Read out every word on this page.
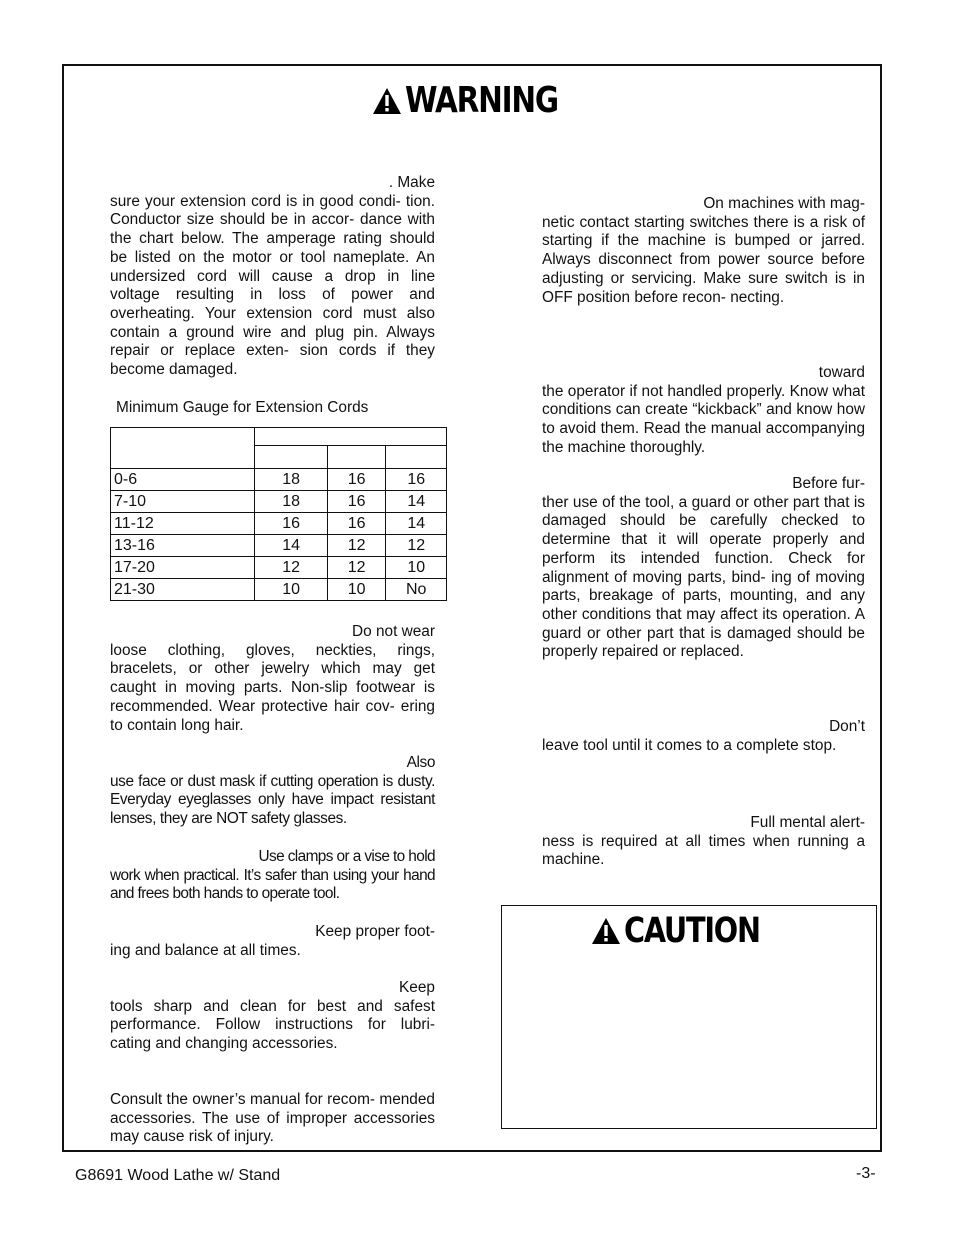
WARNING

. Make
sure your extension cord is in good condi- tion. Conductor size should be in accor- dance with the chart below. The amperage rating should be listed on the motor or tool nameplate. An undersized cord will cause a drop in line voltage resulting in loss of power and overheating. Your extension cord must also contain a ground wire and plug pin. Always repair or replace exten- sion cords if they become damaged.

Minimum Gauge for Extension Cords

0-6	18	16	16
7-10	18	16	14
11-12	16	16	14
13-16	14	12	12
17-20	12	12	10
21-30	10	10	No

Do not wear
loose clothing, gloves, neckties, rings, bracelets, or other jewelry which may get caught in moving parts. Non-slip footwear is recommended. Wear protective hair cov- ering to contain long hair.

Also
use face or dust mask if cutting operation is dusty. Everyday eyeglasses only have impact resistant lenses, they are NOT safety glasses.

Use clamps or a vise to hold
work when practical. It’s safer than using your hand and frees both hands to operate tool.

Keep proper foot-
ing and balance at all times.

Keep
tools sharp and clean for best and safest performance. Follow instructions for lubri- cating and changing accessories.

Consult the owner’s manual for recom- mended accessories. The use of improper accessories may cause risk of injury.

On machines with mag-
netic contact starting switches there is a risk of starting if the machine is bumped or jarred. Always disconnect from power source before adjusting or servicing. Make sure switch is in OFF position before recon- necting.

toward
the operator if not handled properly. Know what conditions can create “kickback” and know how to avoid them. Read the manual accompanying the machine thoroughly.

Before fur-
ther use of the tool, a guard or other part that is damaged should be carefully checked to determine that it will operate properly and perform its intended function. Check for alignment of moving parts, bind- ing of moving parts, breakage of parts, mounting, and any other conditions that may affect its operation. A guard or other part that is damaged should be properly repaired or replaced.

Don’t
leave tool until it comes to a complete stop.

Full mental alert-
ness is required at all times when running a machine.

CAUTION
G8691 Wood Lathe w/ Stand	-3-
